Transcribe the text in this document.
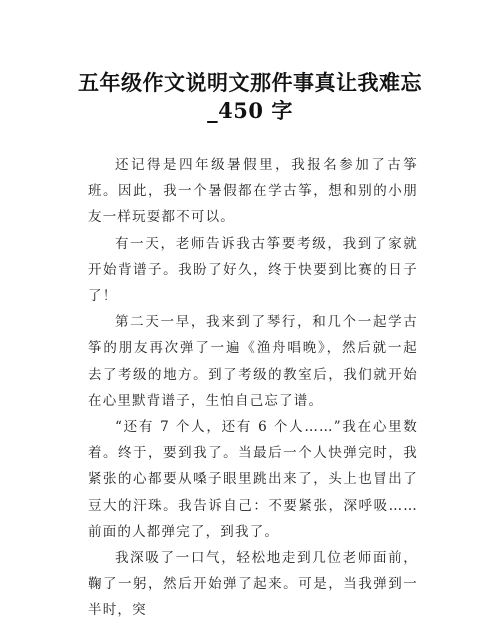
五年级作文说明文那件事真让我难忘
_450 字

还记得是四年级暑假里，我报名参加了古筝班。因此，我一个暑假都在学古筝，想和别的小朋友一样玩耍都不可以。

有一天，老师告诉我古筝要考级，我到了家就开始背谱子。我盼了好久，终于快要到比赛的日子了！

第二天一早，我来到了琴行，和几个一起学古筝的朋友再次弹了一遍《渔舟唱晚》，然后就一起去了考级的地方。到了考级的教室后，我们就开始在心里默背谱子，生怕自己忘了谱。

“还有 7 个人，还有 6 个人……”我在心里数着。终于，要到我了。当最后一个人快弹完时，我紧张的心都要从嗓子眼里跳出来了，头上也冒出了豆大的汗珠。我告诉自己：不要紧张，深呼吸……前面的人都弹完了，到我了。

我深吸了一口气，轻松地走到几位老师面前，鞠了一躬，然后开始弹了起来。可是，当我弹到一半时，突
